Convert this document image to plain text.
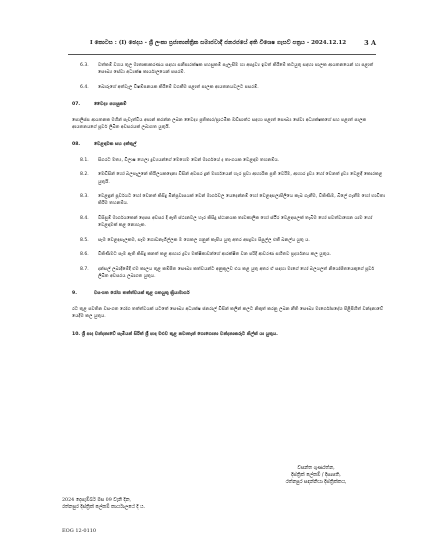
I කොටස : (I) ඡෙදය - ශ්‍රී ලංකා ප්‍රජාතාන්ත්‍රික සමාජවාදී ජනරජයේ අති විශෙෂ ගැසට් පත්‍රය - 2024.12.12	3 A
6.3. වත්කම් වගය තුල මාතෘකාකරණය සඳහා සනීපාරක්ෂක පහසුකම් පැලැසීම හා අපද්‍රව්‍ය ඉවත් කිරීමේ කටයුතු සඳහා පාලක ආයතනයෙන් හා පළාත් සෞඛ්‍ය සේවා අධ්‍යක්ෂ කාර්යාලයෙන් පසරම්.
6.4. බොරුගේ අත්වැල විෂම්පනයක කිරීමේ වගකීම පළාත් පාලක ආයතනයවලට පසරම්.
07.	වෛද්‍ය පහසුකම්
පොලිස්ස ආයතනක මගින් පැවැත්විය අපාන් කරන්න ලබන වෛද්‍ය ප්‍රතිකාර/ප්‍රාථමික ඔඩ්සාත්ථ සඳහා පළාත් සෞඛ්‍ය සේවා අධ්‍යක්ෂකගේ සහ පළාත් පාලක ආයතනයගේ පූර්ව ලිඛිත අවසරයක් ලබාගත යුතුයි.
08.	වෙළඳාමක සහ දත්තුල්
8.1. සිගරට මත්‍ය, විලාෂ හෙලා ද්‍රව්‍යයන්ගේ මෙහෙම වෙන් මාර්ගයේ ද තාංගයක වෙළඳාම තහනම්ය.
8.2. මෙඩිසින් හෝ බලපැලුනේ කියිලයකදෙනා විසින් අවසර දුන් මාර්ගයෙන් හැර ප්‍රවා ආහාරික ප්‍රති වෙරීම, ආහාර ද්‍රව්‍ය හෝ වෙනත් ද්‍රව්‍ය වෙළඳී කොරකළ යුතුයි.
8.3. වෙළඳුන් පූර්වයට හෝ වෙනත් කිසිදු මින්ප්‍රවාසයක් වෙන් මාර්ගවල යෙදෙන්නම් හෝ වෙළඳසලාපිලියෙ කැබ ගැනීම, වීකිණීම, බිලේ ගැනීම හෝ භාවිතා කිරීම තහනම්ය.
8.4. වීසිසුම් මාර්ගයකෙන් දෙපස අවසර දී ඇති ස්ථානවල හැර කිසිදු ස්ථානයක තාවකාලික හෝ ස්ථිර වෙළඳසලක් තැබීම හෝ පවත්වාගෙන යාම හෝ වෙළඳාමක් කළ නොහැක.
8.5. සෑම වෙළඳසැලකම, සෑම ගොඩනැගිල්ලක ම ගෙකල ගනුන් කැපිය යුතු අතර අපද්‍රව්‍ය සිපුල්ල එකී බනල්ය යුතු ය.
8.6. විකිණීමට සෑම ඇති කිසිදු කනත් කළ ආහාර ද්‍රව්‍ය මක්ෂිකාවන්ගේ ආරක්ෂිත වන පරිදි ආවරණ සහිතව ප්‍රදර්ශනය කල යුතුය.
8.7. දන්සල් ලබාදීමේදී එම කාලය තුළ කම්පිත සෞඛ්‍ය කත්වයන්ට අනුකූලව එය කළ යුතු අතර ඒ සඳහා මාගේ හෝ බලයලත් නියෝජිතයෙකුගේ පූර්ව ලිඛිත අවසරය ලබාගත යුතුය.
9.	වසංගත රෝග තත්ත්වයක් තුළ ගතයුතු ක්‍රියාමාර්ග
රට තුළ පවතින වසංගත රෝග තත්ත්වයක් යටතේ සෞඛ්‍ය අධ්‍යක්ෂ ජනරාල් විසින් කලින් කලට නිකුත් කරනු ලබන නීති සෞඛ්‍ය මාර්ගෝපදේශ පිළිපිහිත් වන්දනාවේ යෙදීම කල යුතුය.
10. ශ්‍රී පාද වන්දනාවේ සැමියන් සිරිත් ශ්‍රී පාද මළුව තුළ නවාතැන් ගොගොනා වන්දනාකරුට නිල්ක් යා යුතුය.
වසන්ත ගුණරත්න,
දිස්ත්‍රික් ලේකම් / දිසාපති,
රත්නපුර සඳන්නියා දිස්ත්‍රික්කය,
2024 දෙසැම්බර් මස 09 වැනි දින,
රත්නපුර දිස්ත්‍රික් ලේකම් කාර්යාලයේ දී ය.
EOG 12-0110
